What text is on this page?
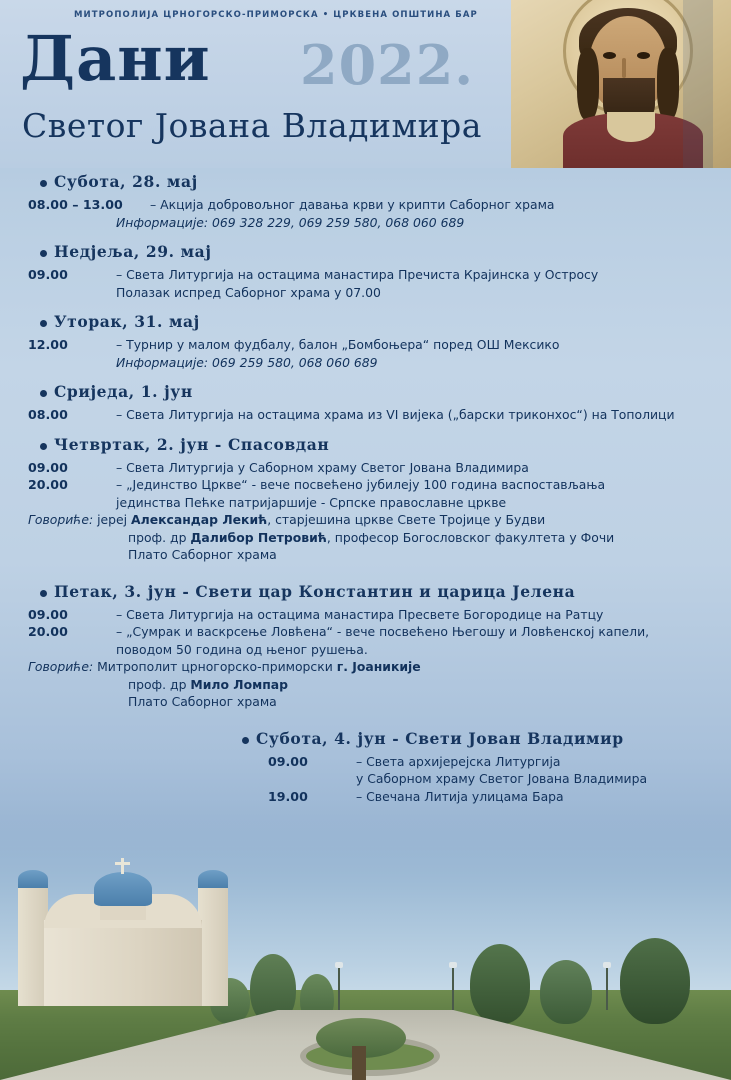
МИТРОПОЛИЈА ЦРНОГОРСКО-ПРИМОРСКА • ЦРКВЕНА ОПШТИНА БАР
Дани 2022.
Светог Јована Владимира
Субота, 28. мај
08.00 – 13.00	– Акција добровољног давања крви у крипти Саборног храма
Информације: 069 328 229, 069 259 580, 068 060 689
Недјеља, 29. мај
09.00	– Света Литургија на остацима манастира Пречиста Крајинска у Остросу
Полазак испред Саборног храма у 07.00
Уторак, 31. мај
12.00	– Турнир у малом фудбалу, балон „Бомбоњера“ поред ОШ Мексико
Информације: 069 259 580, 068 060 689
Сриједа, 1. јун
08.00	– Света Литургија на остацима храма из VI вијека („барски триконхос“) на Тополици
Четвртак, 2. јун - Спасовдан
09.00	– Света Литургија у Саборном храму Светог Јована Владимира
20.00	– „Јединство Цркве“ - вече посвећено јубилеју 100 година васпостављања
јединства Пећке патријаршије - Српске православне цркве
Говориће: јереј Александар Лекић, старјешина цркве Свете Тројице у Будви
проф. др Далибор Петровић, професор Богословског факултета у Фочи
Плато Саборног храма
Петак, 3. јун - Свети цар Константин и царица Јелена
09.00	– Света Литургија на остацима манастира Пресвете Богородице на Ратцу
20.00	– „Сумрак и васкрсење Ловћена“ - вече посвећено Његошу и Ловћенској капели,
поводом 50 година од њеног рушења.
Говориће: Митрополит црногорско-приморски г. Јоаникије
проф. др Мило Ломпар
Плато Саборног храма
Субота, 4. јун - Свети Јован Владимир
09.00	– Света архијерејска Литургија
у Саборном храму Светог Јована Владимира
19.00	– Свечана Литија улицама Бара
